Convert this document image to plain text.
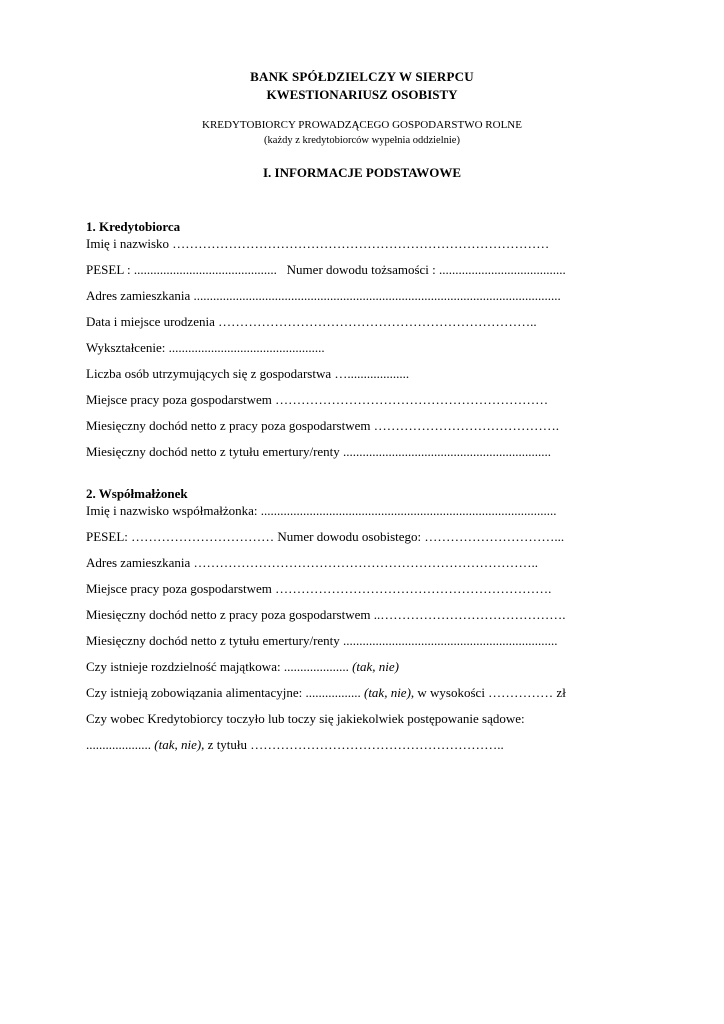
BANK SPÓŁDZIELCZY W SIERPCU
KWESTIONARIUSZ OSOBISTY
KREDYTOBIORCY PROWADZĄCEGO GOSPODARSTWO ROLNE
(każdy z kredytobiorców wypełnia oddzielnie)
I. INFORMACJE PODSTAWOWE
1. Kredytobiorca
Imię i nazwisko ……………………………………………………………………………
PESEL : ............................................ Numer dowodu tożsamości : .......................................
Adres zamieszkania .................................................................................................................
Data i miejsce urodzenia ………………………………………………………………..
Wykształcenie: ................................................
Liczba osób utrzymujących się z gospodarstwa …...................
Miejsce pracy poza gospodarstwem ………………………………………………………
Miesięczny dochód netto z pracy poza gospodarstwem …………………………………….
Miesięczny dochód netto z tytułu emertury/renty ................................................................
2. Współmałżonek
Imię i nazwisko współmałżonka: ...........................................................................................
PESEL: …………………………… Numer dowodu osobistego: …………………………...
Adres zamieszkania ……………………………………………………………………..
Miejsce pracy poza gospodarstwem ……………………………………………………….
Miesięczny dochód netto z pracy poza gospodarstwem ..…………………………………….
Miesięczny dochód netto z tytułu emertury/renty ..................................................................
Czy istnieje rozdzielność majątkowa: .................... (tak, nie)
Czy istnieją zobowiązania alimentacyjne: ................. (tak, nie), w wysokości …………… zł
Czy wobec Kredytobiorcy toczyło lub toczy się jakiekolwiek postępowanie sądowe:
.................... (tak, nie), z tytułu …………………………………………………..
